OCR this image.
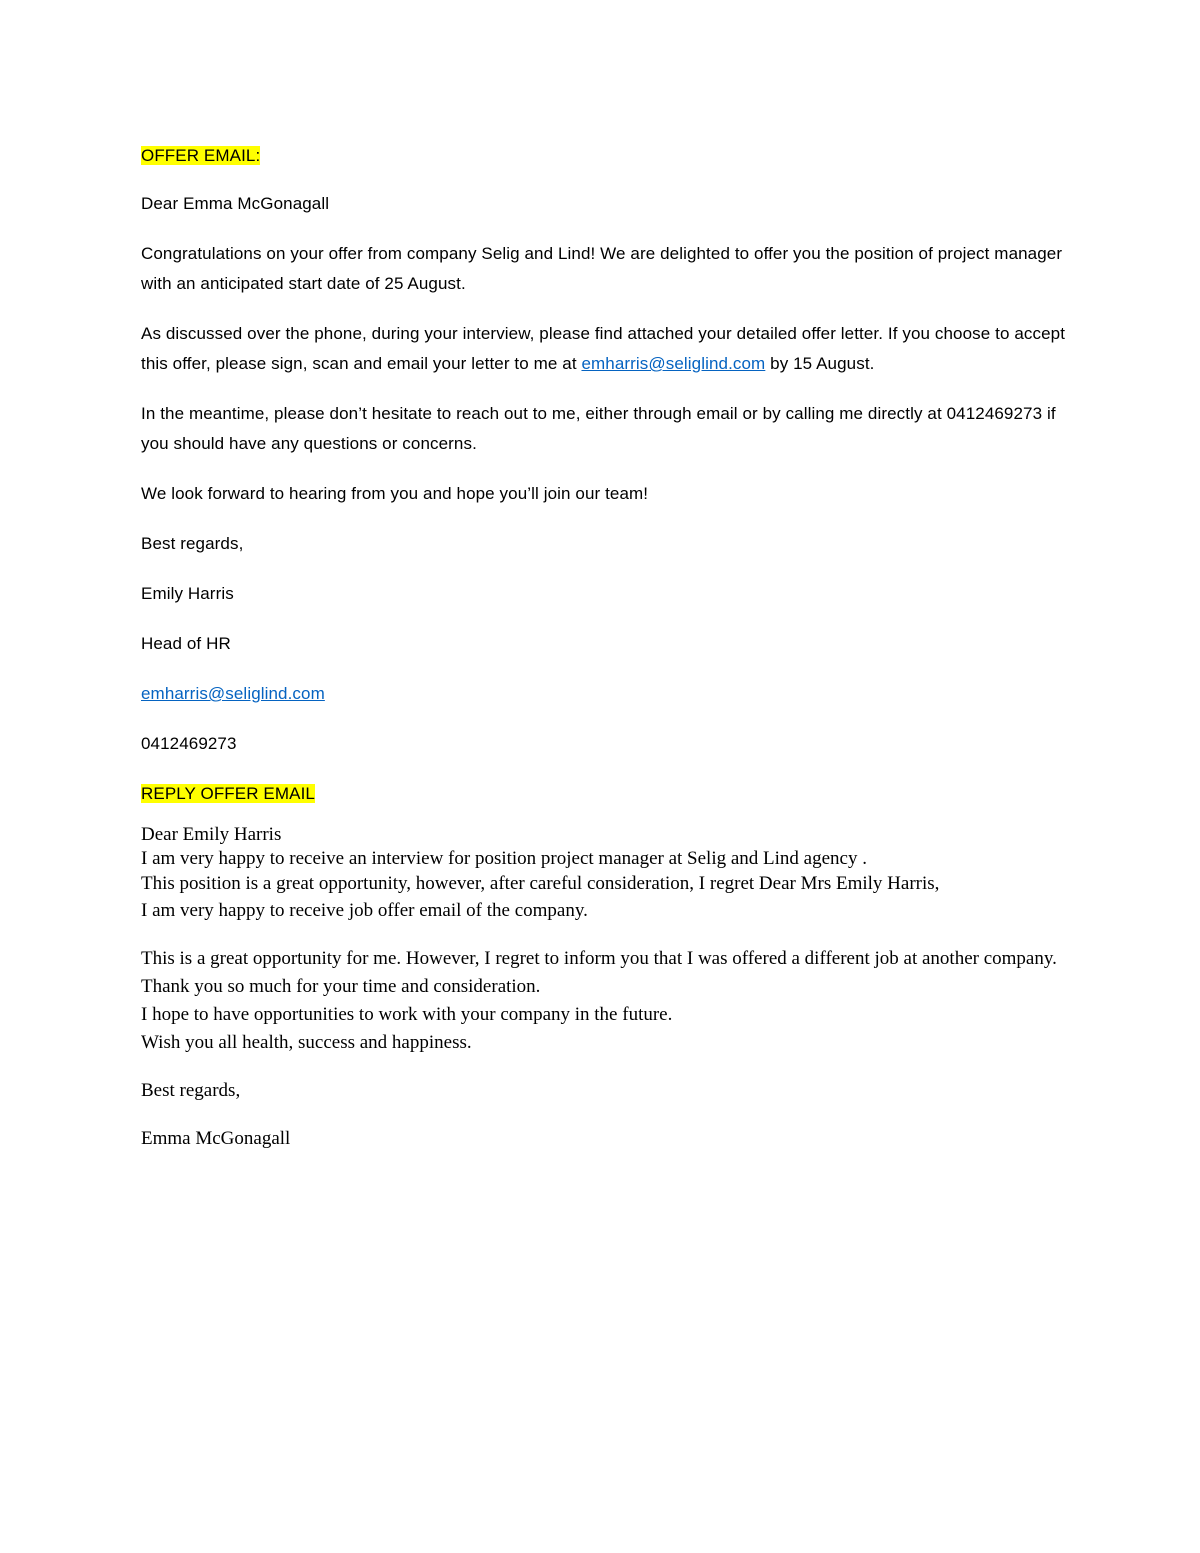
OFFER EMAIL:

Dear Emma McGonagall

Congratulations on your offer from company Selig and Lind! We are delighted to offer you the position of project manager with an anticipated start date of 25 August.

As discussed over the phone, during your interview, please find attached your detailed offer letter. If you choose to accept this offer, please sign, scan and email your letter to me at emharris@seliglind.com by 15 August.

In the meantime, please don’t hesitate to reach out to me, either through email or by calling me directly at 0412469273 if you should have any questions or concerns.

We look forward to hearing from you and hope you’ll join our team!

Best regards,

Emily Harris

Head of HR

emharris@seliglind.com

0412469273

REPLY OFFER EMAIL

Dear Emily Harris

I am very happy to receive an interview for position project manager at Selig and Lind agency .

This position is a great opportunity, however, after careful consideration, I regret Dear Mrs Emily Harris,

I am very happy to receive job offer email of the company.

This is a great opportunity for me. However, I regret to inform you that I was offered a different job at another company.

Thank you so much for your time and consideration.

I hope to have opportunities to work with your company in the future.

Wish you all health, success and happiness.

Best regards,

Emma McGonagall
